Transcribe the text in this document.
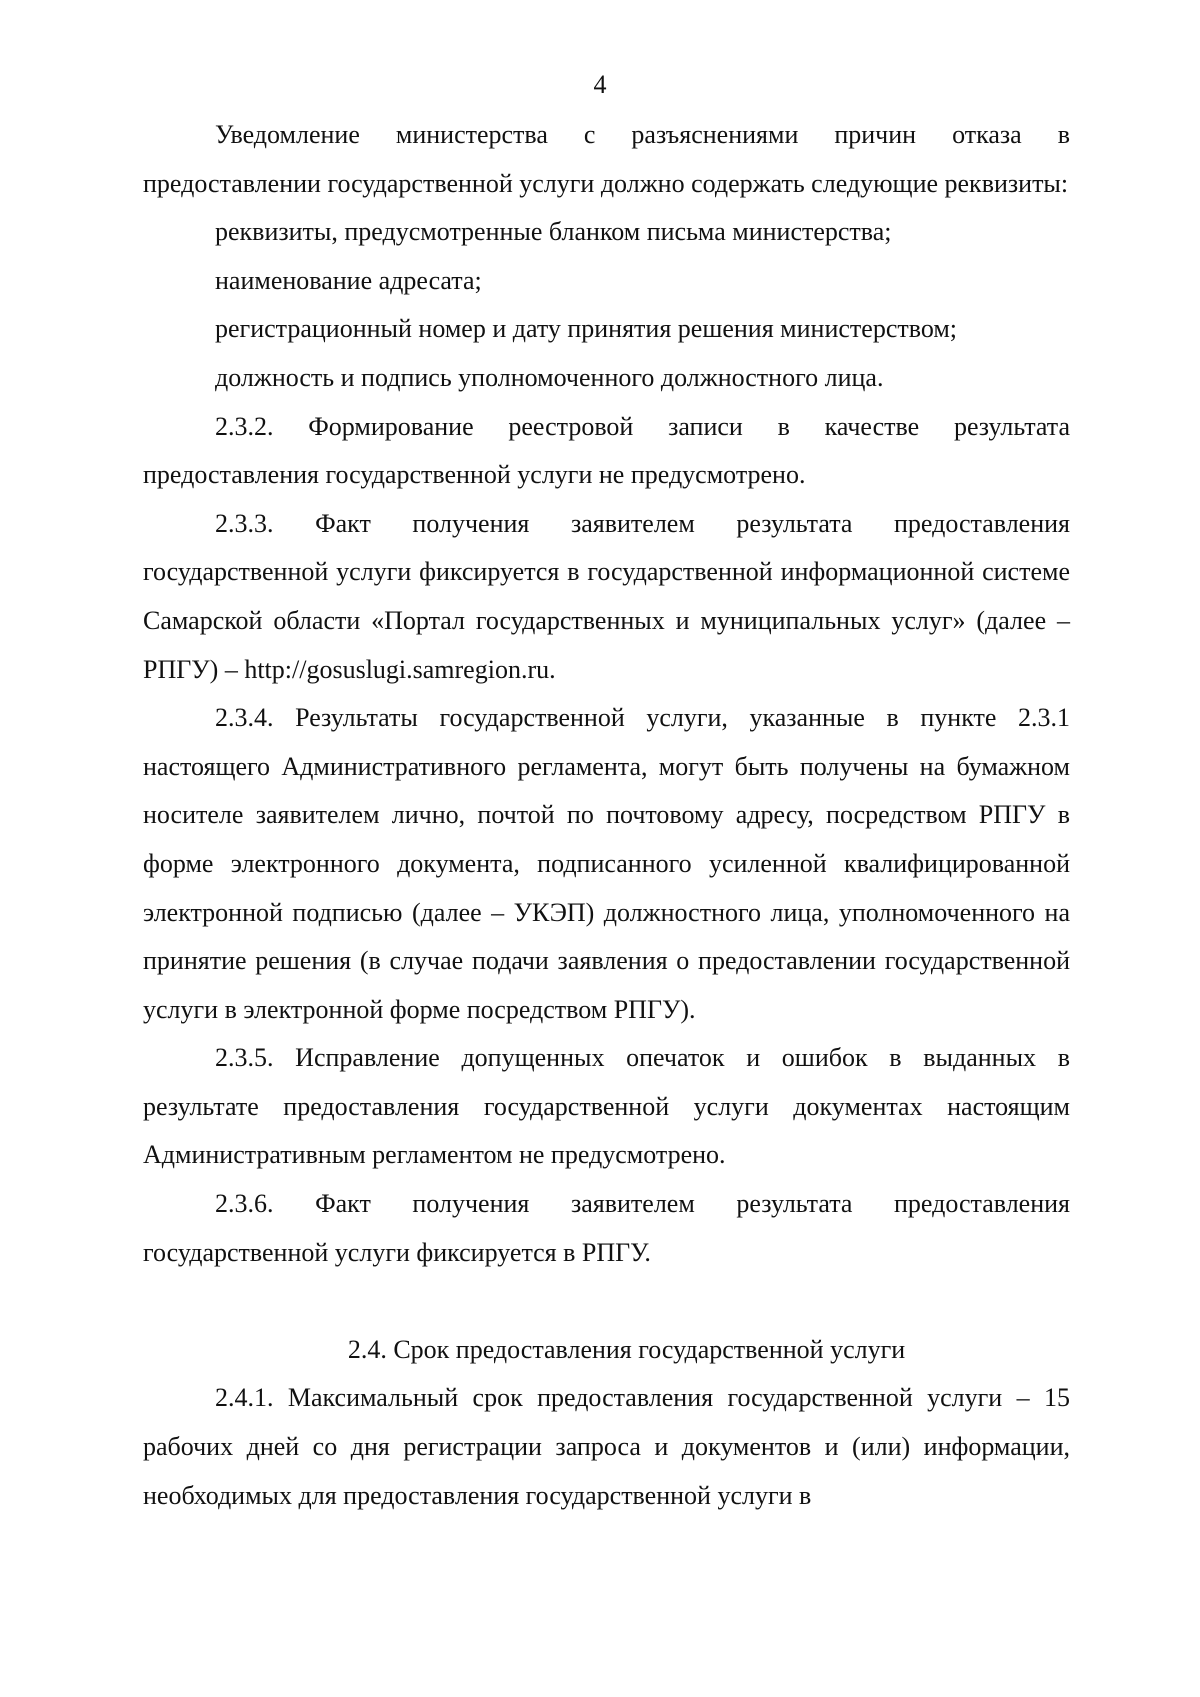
4

Уведомление министерства с разъяснениями причин отказа в предоставлении государственной услуги должно содержать следующие реквизиты:

реквизиты, предусмотренные бланком письма министерства;

наименование адресата;

регистрационный номер и дату принятия решения министерством;

должность и подпись уполномоченного должностного лица.

2.3.2. Формирование реестровой записи в качестве результата предоставления государственной услуги не предусмотрено.

2.3.3. Факт получения заявителем результата предоставления государственной услуги фиксируется в государственной информационной системе Самарской области «Портал государственных и муниципальных услуг» (далее – РПГУ) – http://gosuslugi.samregion.ru.

2.3.4. Результаты государственной услуги, указанные в пункте 2.3.1 настоящего Административного регламента, могут быть получены на бумажном носителе заявителем лично, почтой по почтовому адресу, посредством РПГУ в форме электронного документа, подписанного усиленной квалифицированной электронной подписью (далее – УКЭП) должностного лица, уполномоченного на принятие решения (в случае подачи заявления о предоставлении государственной услуги в электронной форме посредством РПГУ).

2.3.5. Исправление допущенных опечаток и ошибок в выданных в результате предоставления государственной услуги документах настоящим Административным регламентом не предусмотрено.

2.3.6. Факт получения заявителем результата предоставления государственной услуги фиксируется в РПГУ.

2.4. Срок предоставления государственной услуги

2.4.1. Максимальный срок предоставления государственной услуги – 15 рабочих дней со дня регистрации запроса и документов и (или) информации, необходимых для предоставления государственной услуги в
